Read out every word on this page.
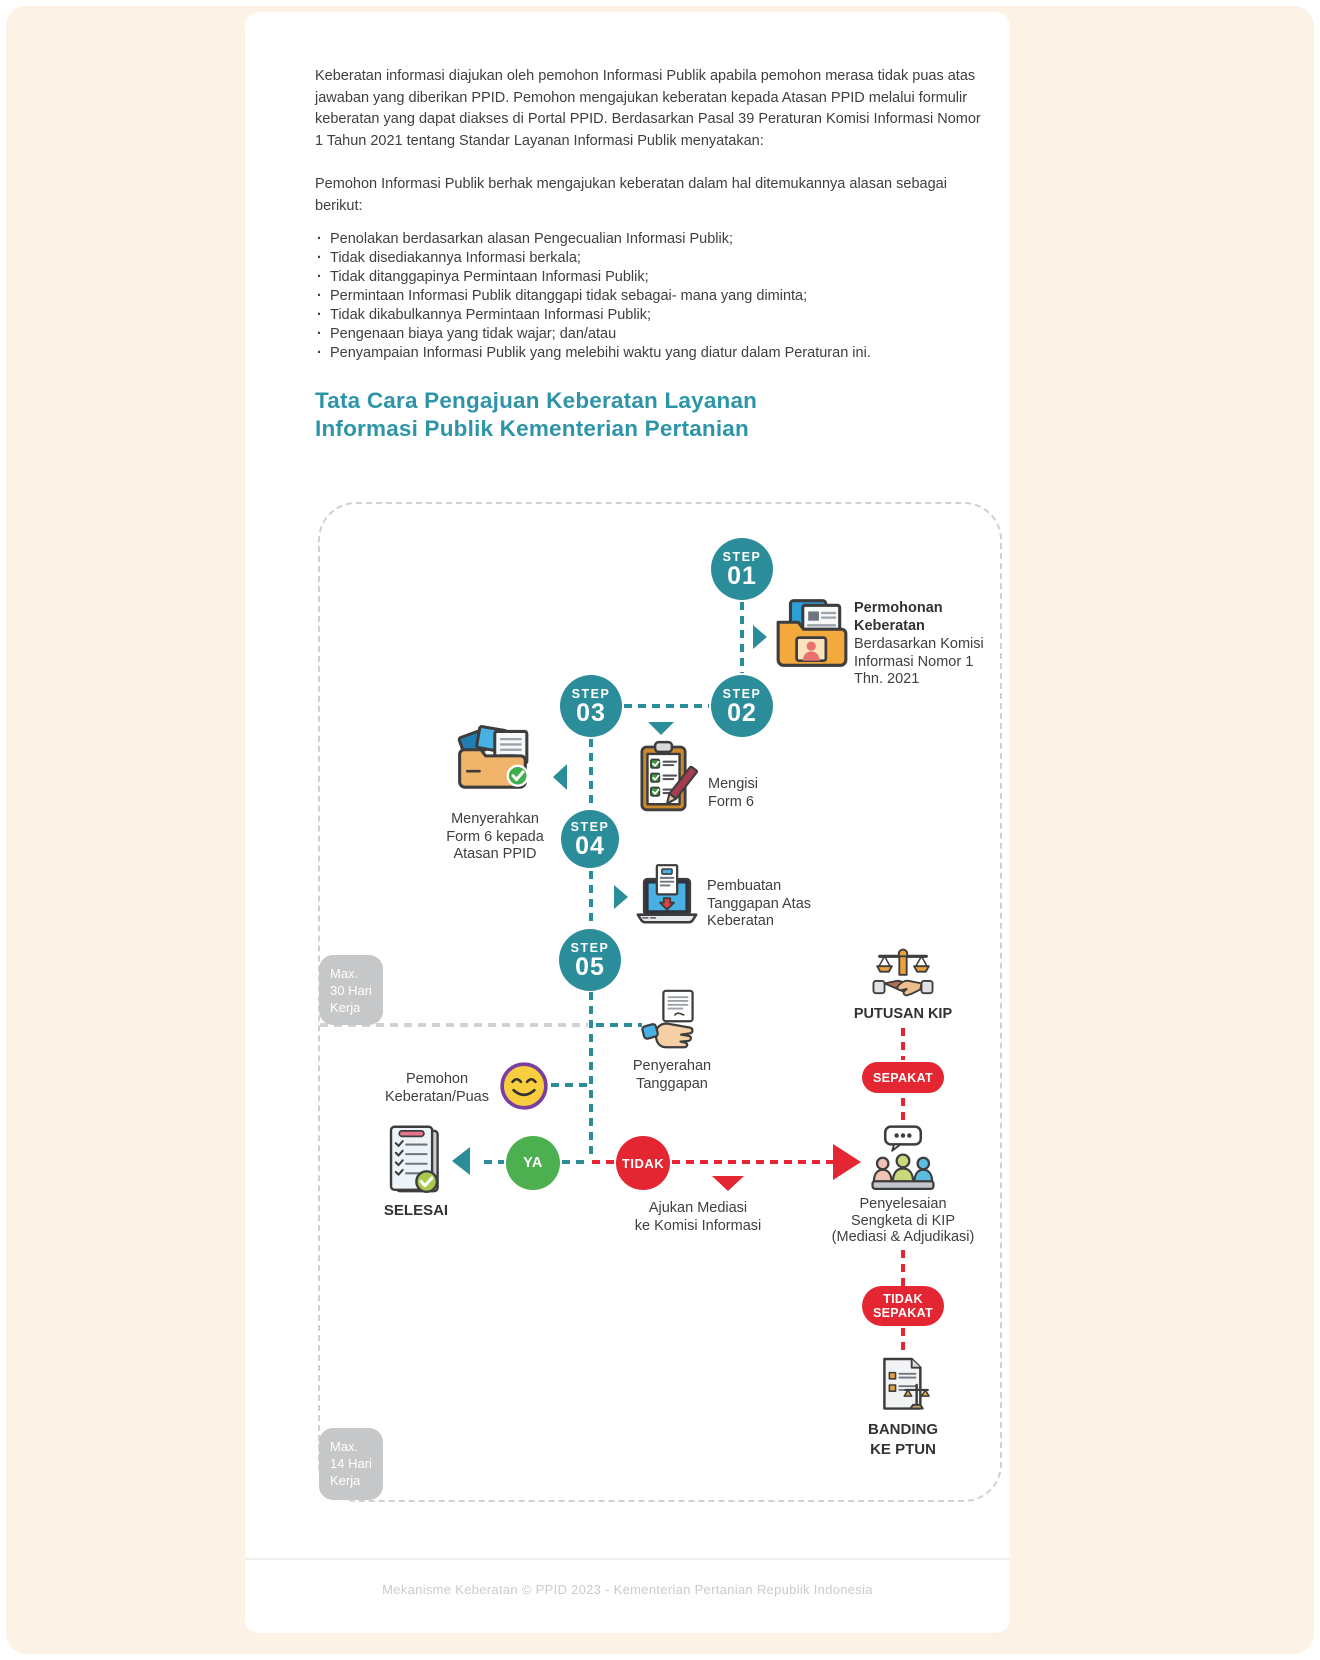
Keberatan informasi diajukan oleh pemohon Informasi Publik apabila pemohon merasa tidak puas atas jawaban yang diberikan PPID. Pemohon mengajukan keberatan kepada Atasan PPID melalui formulir keberatan yang dapat diakses di Portal PPID. Berdasarkan Pasal 39 Peraturan Komisi Informasi Nomor 1 Tahun 2021 tentang Standar Layanan Informasi Publik menyatakan:

Pemohon Informasi Publik berhak mengajukan keberatan dalam hal ditemukannya alasan sebagai berikut:

· Penolakan berdasarkan alasan Pengecualian Informasi Publik;
· Tidak disediakannya Informasi berkala;
· Tidak ditanggapinya Permintaan Informasi Publik;
· Permintaan Informasi Publik ditanggapi tidak sebagai- mana yang diminta;
· Tidak dikabulkannya Permintaan Informasi Publik;
· Pengenaan biaya yang tidak wajar; dan/atau
· Penyampaian Informasi Publik yang melebihi waktu yang diatur dalam Peraturan ini.
Tata Cara Pengajuan Keberatan Layanan
Informasi Publik Kementerian Pertanian
STEP
01
STEP
02
STEP
03
STEP
04
STEP
05
YA	TIDAK
SEPAKAT
TIDAK
SEPAKAT
Max.
30 Hari
Kerja
Max.
14 Hari
Kerja
Permohonan
Keberatan
Berdasarkan Komisi
Informasi Nomor 1
Thn. 2021
Mengisi
Form 6
Menyerahkan
Form 6 kepada
Atasan PPID
Pembuatan
Tanggapan Atas
Keberatan
Penyerahan
Tanggapan
Pemohon
Keberatan/Puas
SELESAI	Ajukan Mediasi
ke Komisi Informasi
PUTUSAN KIP
Penyelesaian
Sengketa di KIP
(Mediasi & Adjudikasi)
BANDING
KE PTUN
Mekanisme Keberatan © PPID 2023 - Kementerian Pertanian Republik Indonesia
